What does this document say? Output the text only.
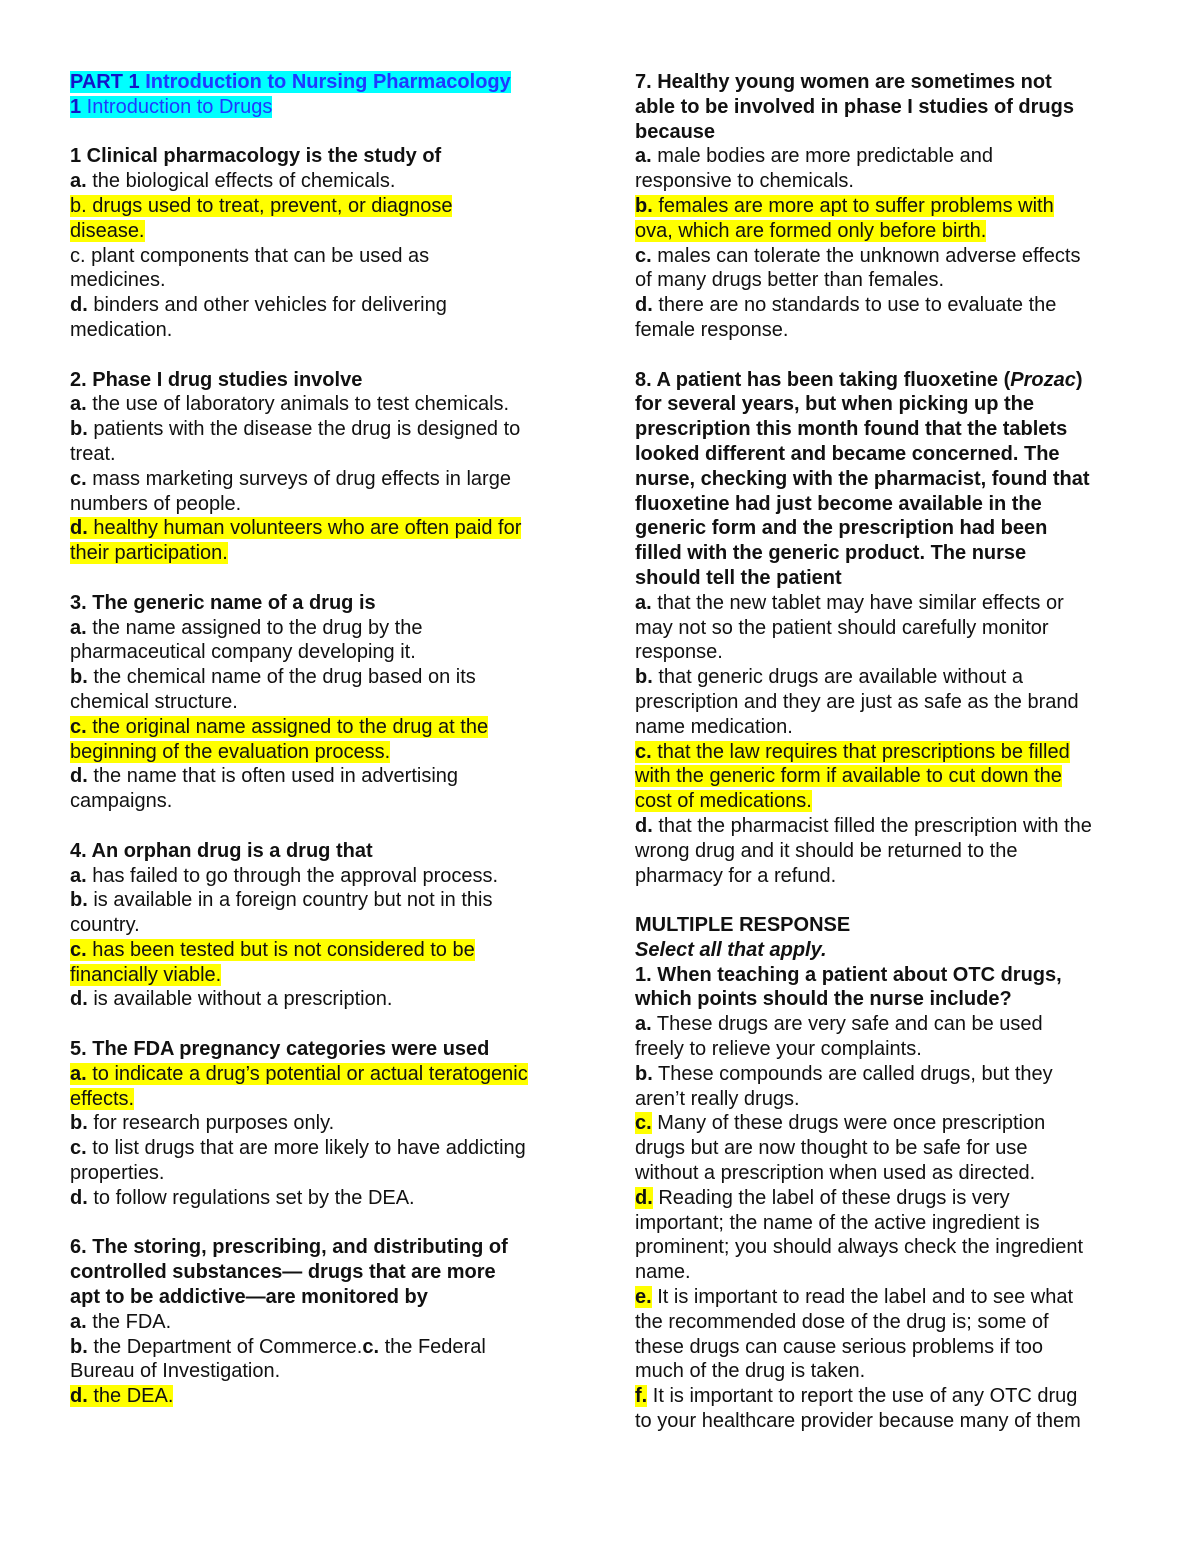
PART 1 Introduction to Nursing Pharmacology
1 Introduction to Drugs
1 Clinical pharmacology is the study of
a. the biological effects of chemicals.
b. drugs used to treat, prevent, or diagnose
disease.
c. plant components that can be used as
medicines.
d. binders and other vehicles for delivering
medication.
2. Phase I drug studies involve
a. the use of laboratory animals to test chemicals.
b. patients with the disease the drug is designed to
treat.
c. mass marketing surveys of drug effects in large
numbers of people.
d. healthy human volunteers who are often paid for
their participation.
3. The generic name of a drug is
a. the name assigned to the drug by the
pharmaceutical company developing it.
b. the chemical name of the drug based on its
chemical structure.
c. the original name assigned to the drug at the
beginning of the evaluation process.
d. the name that is often used in advertising
campaigns.
4. An orphan drug is a drug that
a. has failed to go through the approval process.
b. is available in a foreign country but not in this
country.
c. has been tested but is not considered to be
financially viable.
d. is available without a prescription.
5. The FDA pregnancy categories were used
a. to indicate a drug’s potential or actual teratogenic
effects.
b. for research purposes only.
c. to list drugs that are more likely to have addicting
properties.
d. to follow regulations set by the DEA.
6. The storing, prescribing, and distributing of
controlled substances— drugs that are more
apt to be addictive—are monitored by
a. the FDA.
b. the Department of Commerce.c. the Federal
Bureau of Investigation.
d. the DEA.
7. Healthy young women are sometimes not
able to be involved in phase I studies of drugs
because
a. male bodies are more predictable and
responsive to chemicals.
b. females are more apt to suffer problems with
ova, which are formed only before birth.
c. males can tolerate the unknown adverse effects
of many drugs better than females.
d. there are no standards to use to evaluate the
female response.
8. A patient has been taking fluoxetine (Prozac)
for several years, but when picking up the
prescription this month found that the tablets
looked different and became concerned. The
nurse, checking with the pharmacist, found that
fluoxetine had just become available in the
generic form and the prescription had been
filled with the generic product. The nurse
should tell the patient
a. that the new tablet may have similar effects or
may not so the patient should carefully monitor
response.
b. that generic drugs are available without a
prescription and they are just as safe as the brand
name medication.
c. that the law requires that prescriptions be filled
with the generic form if available to cut down the
cost of medications.
d. that the pharmacist filled the prescription with the
wrong drug and it should be returned to the
pharmacy for a refund.
MULTIPLE RESPONSE
Select all that apply.
1. When teaching a patient about OTC drugs,
which points should the nurse include?
a. These drugs are very safe and can be used
freely to relieve your complaints.
b. These compounds are called drugs, but they
aren’t really drugs.
c. Many of these drugs were once prescription
drugs but are now thought to be safe for use
without a prescription when used as directed.
d. Reading the label of these drugs is very
important; the name of the active ingredient is
prominent; you should always check the ingredient
name.
e. It is important to read the label and to see what
the recommended dose of the drug is; some of
these drugs can cause serious problems if too
much of the drug is taken.
f. It is important to report the use of any OTC drug
to your healthcare provider because many of them
